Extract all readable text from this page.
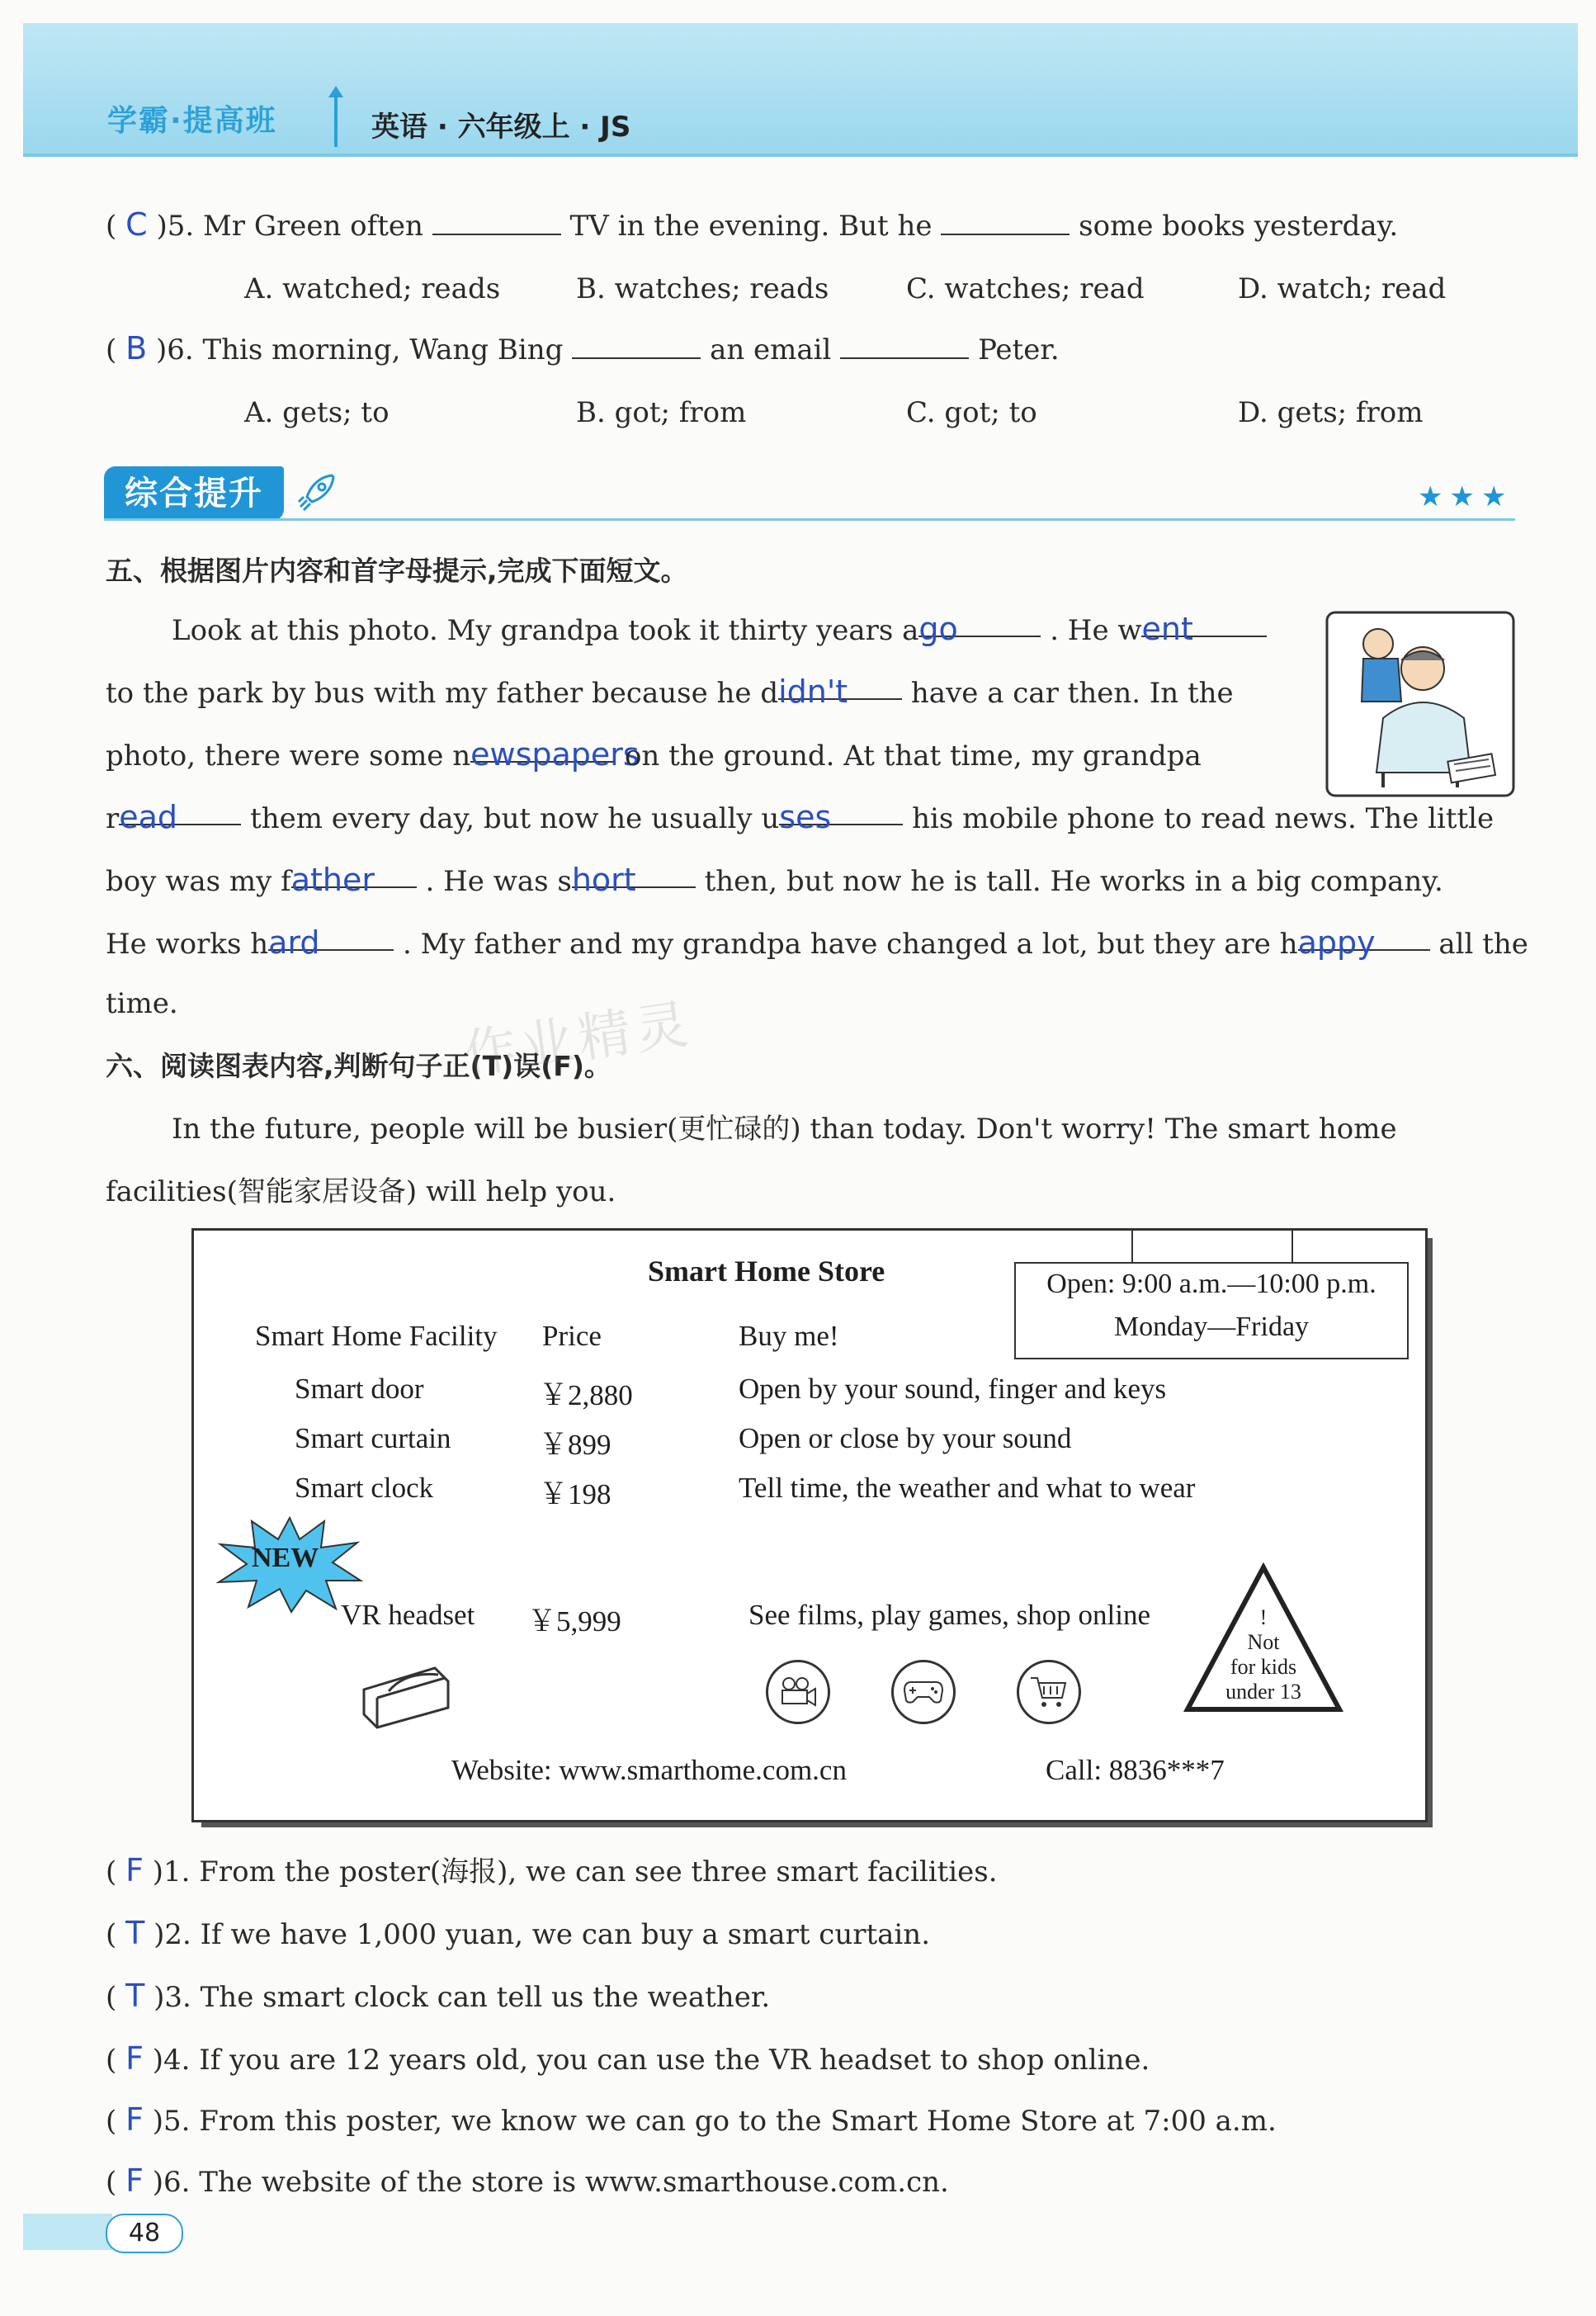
学霸·提高班	英语 · 六年级上 · JS
( C )5. Mr Green often	TV in the evening. But he	some books yesterday.
A. watched; reads	B. watches; reads	C. watches; read	D. watch; read
( B )6. This morning, Wang Bing	an email	Peter.
A. gets; to	B. got; from	C. got; to	D. gets; from
综合提升	★★★
五、根据图片内容和首字母提示,完成下面短文。
Look at this photo. My grandpa took it thirty years ago	. He went
to the park by bus with my father because he didn't have a car then. In the
photo, there were some newspapers on the ground. At that time, my grandpa
read	them every day, but now he usually uses	his mobile phone to read news. The little
boy was my father . He was short then, but now he is tall. He works in a big company.
He works hard	. My father and my grandpa have changed a lot, but they are happy all the
time.
六、阅读图表内容,判断句子正(T)误(F)。
In the future, people will be busier(更忙碌的) than today. Don't worry! The smart home
facilities(智能家居设备) will help you.
Smart Home Store	Open: 9:00 a.m.—10:00 p.m.
Monday—Friday
Smart Home Facility Price	Buy me!
Smart door	￥2,880	Open by your sound, finger and keys
Smart curtain	￥899	Open or close by your sound
Smart clock	￥198	Tell time, the weather and what to wear
NEW
VR headset ￥5,999	See films, play games, shop online	!
Not
for kids
under 13
Website: www.smarthome.com.cn	Call: 8836***7
( F )1. From the poster(海报), we can see three smart facilities.
( T )2. If we have 1,000 yuan, we can buy a smart curtain.
( T )3. The smart clock can tell us the weather.
( F )4. If you are 12 years old, you can use the VR headset to shop online.
( F )5. From this poster, we know we can go to the Smart Home Store at 7:00 a.m.
( F )6. The website of the store is www.smarthouse.com.cn.
48
作业精灵
